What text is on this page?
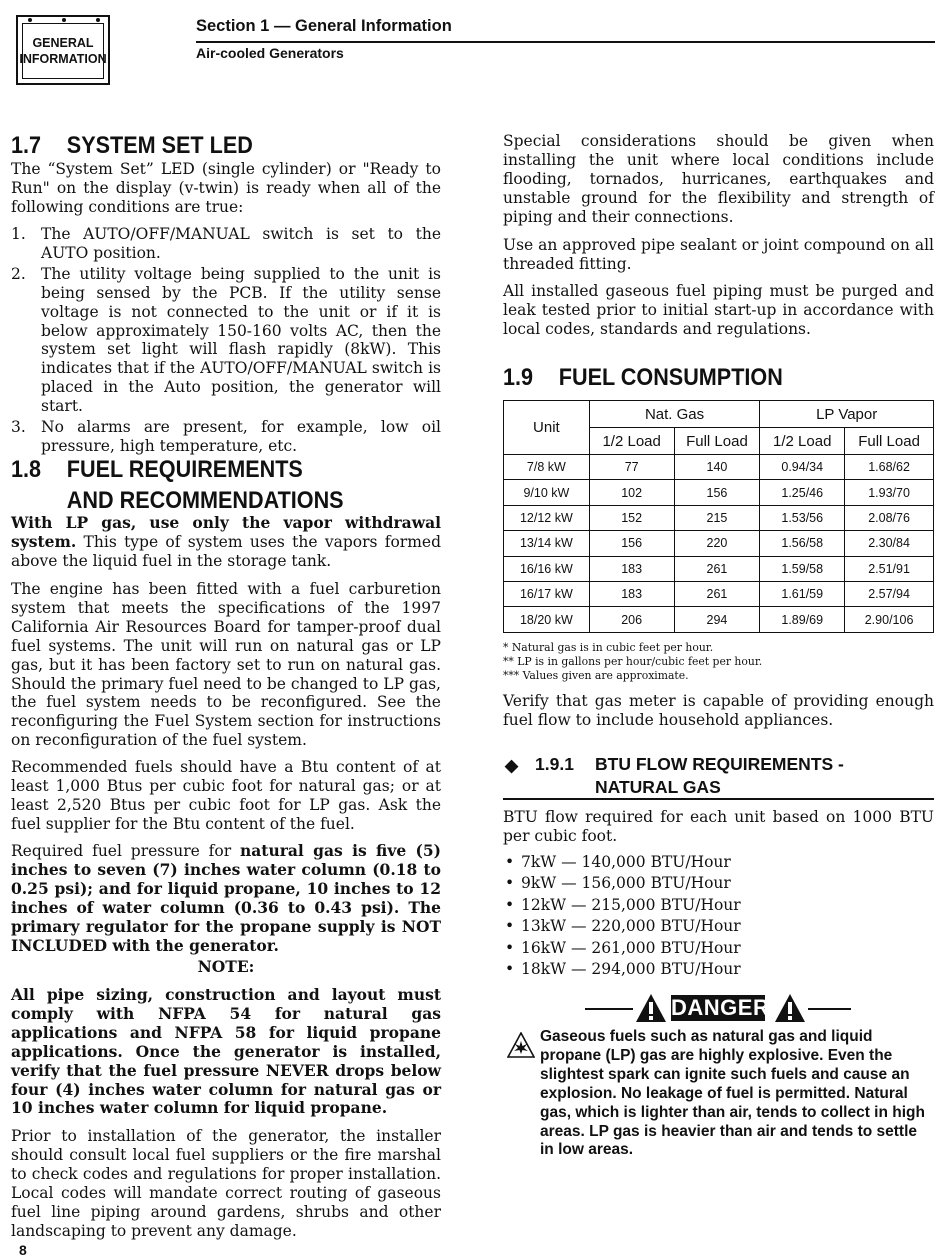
GENERAL
INFORMATION
Section 1 — General Information
Air-cooled Generators
1.7 SYSTEM SET LED

The “System Set” LED (single cylinder) or "Ready to Run" on the display (v-twin) is ready when all of the following conditions are true:

1. The AUTO/OFF/MANUAL switch is set to the AUTO position.
2. The utility voltage being supplied to the unit is being sensed by the PCB. If the utility sense voltage is not connected to the unit or if it is below approximately 150-160 volts AC, then the system set light will flash rapidly (8kW). This indicates that if the AUTO/OFF/MANUAL switch is placed in the Auto position, the generator will start.
3. No alarms are present, for example, low oil pressure, high temperature, etc.
1.8 FUEL REQUIREMENTS
AND RECOMMENDATIONS

With LP gas, use only the vapor withdrawal system. This type of system uses the vapors formed above the liquid fuel in the storage tank.

The engine has been fitted with a fuel carburetion system that meets the specifications of the 1997 California Air Resources Board for tamper-proof dual fuel systems. The unit will run on natural gas or LP gas, but it has been factory set to run on natural gas. Should the primary fuel need to be changed to LP gas, the fuel system needs to be reconfigured. See the reconfiguring the Fuel System section for instructions on reconfiguration of the fuel system.

Recommended fuels should have a Btu content of at least 1,000 Btus per cubic foot for natural gas; or at least 2,520 Btus per cubic foot for LP gas. Ask the fuel supplier for the Btu content of the fuel.

Required fuel pressure for natural gas is five (5) inches to seven (7) inches water column (0.18 to 0.25 psi); and for liquid propane, 10 inches to 12 inches of water column (0.36 to 0.43 psi). The primary regulator for the propane supply is NOT INCLUDED with the generator.

NOTE:

All pipe sizing, construction and layout must comply with NFPA 54 for natural gas applications and NFPA 58 for liquid propane applications. Once the generator is installed, verify that the fuel pressure NEVER drops below four (4) inches water column for natural gas or 10 inches water column for liquid propane.

Prior to installation of the generator, the installer should consult local fuel suppliers or the fire marshal to check codes and regulations for proper installation. Local codes will mandate correct routing of gaseous fuel line piping around gardens, shrubs and other landscaping to prevent any damage.

Special considerations should be given when installing the unit where local conditions include flooding, tornados, hurricanes, earthquakes and unstable ground for the flexibility and strength of piping and their connections.

Use an approved pipe sealant or joint compound on all threaded fitting.

All installed gaseous fuel piping must be purged and leak tested prior to initial start-up in accordance with local codes, standards and regulations.

1.9 FUEL CONSUMPTION
Unit	Nat. Gas		LP Vapor	
	1/2 Load	Full Load	1/2 Load	Full Load
7/8 kW	77	140	0.94/34	1.68/62
9/10 kW	102	156	1.25/46	1.93/70
12/12 kW	152	215	1.53/56	2.08/76
13/14 kW	156	220	1.56/58	2.30/84
16/16 kW	183	261	1.59/58	2.51/91
16/17 kW	183	261	1.61/59	2.57/94
18/20 kW	206	294	1.89/69	2.90/106
* Natural gas is in cubic feet per hour.
** LP is in gallons per hour/cubic feet per hour.
*** Values given are approximate.

Verify that gas meter is capable of providing enough fuel flow to include household appliances.

◆ 1.9.1 BTU FLOW REQUIREMENTS -
NATURAL GAS

BTU flow required for each unit based on 1000 BTU per cubic foot.

• 7kW — 140,000 BTU/Hour
• 9kW — 156,000 BTU/Hour
• 12kW — 215,000 BTU/Hour
• 13kW — 220,000 BTU/Hour
• 16kW — 261,000 BTU/Hour
• 18kW — 294,000 BTU/Hour
DANGER
Gaseous fuels such as natural gas and liquid propane (LP) gas are highly explosive. Even the slightest spark can ignite such fuels and cause an explosion. No leakage of fuel is permitted. Natural gas, which is lighter than air, tends to collect in high areas. LP gas is heavier than air and tends to settle in low areas.
8
